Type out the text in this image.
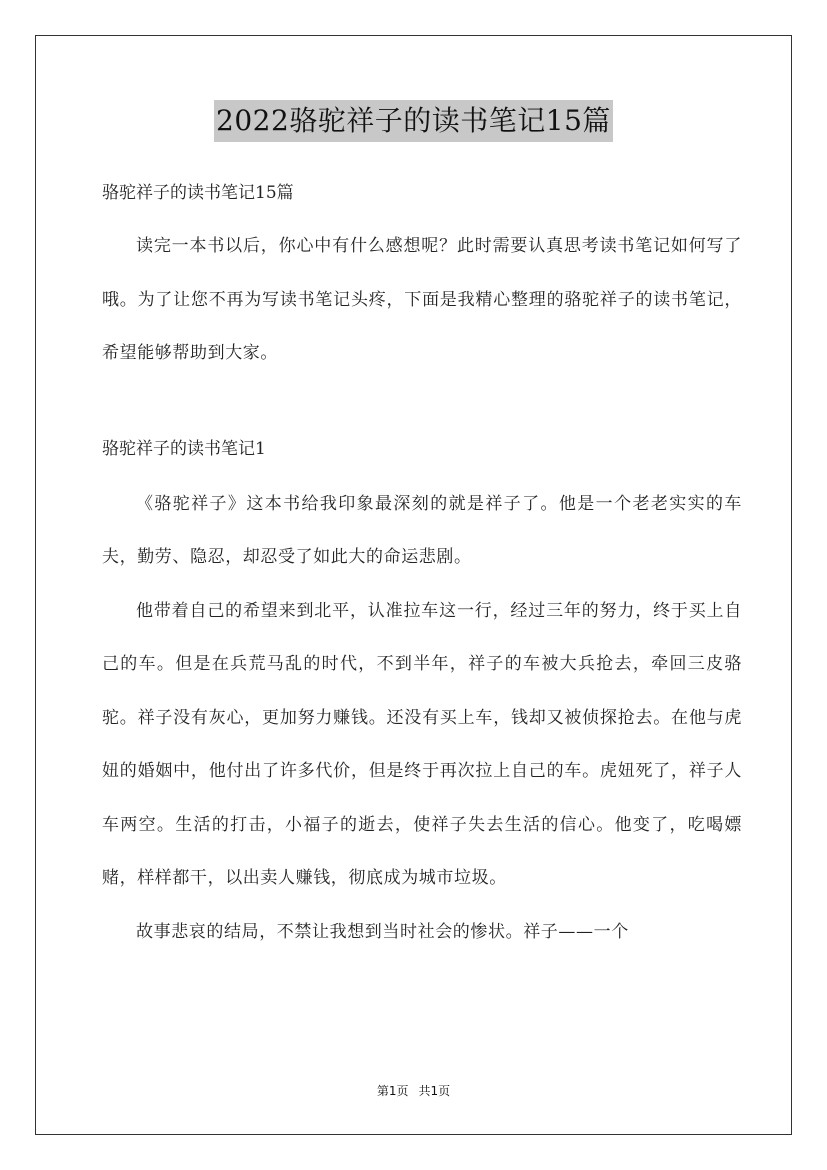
2022骆驼祥子的读书笔记15篇

骆驼祥子的读书笔记15篇

读完一本书以后，你心中有什么感想呢？此时需要认真思考读书笔记如何写了哦。为了让您不再为写读书笔记头疼，下面是我精心整理的骆驼祥子的读书笔记，希望能够帮助到大家。

骆驼祥子的读书笔记1

《骆驼祥子》这本书给我印象最深刻的就是祥子了。他是一个老老实实的车夫，勤劳、隐忍，却忍受了如此大的命运悲剧。

他带着自己的希望来到北平，认准拉车这一行，经过三年的努力，终于买上自己的车。但是在兵荒马乱的时代，不到半年，祥子的车被大兵抢去，牵回三皮骆驼。祥子没有灰心，更加努力赚钱。还没有买上车，钱却又被侦探抢去。在他与虎妞的婚姻中，他付出了许多代价，但是终于再次拉上自己的车。虎妞死了，祥子人车两空。生活的打击，小福子的逝去，使祥子失去生活的信心。他变了，吃喝嫖赌，样样都干，以出卖人赚钱，彻底成为城市垃圾。

故事悲哀的结局，不禁让我想到当时社会的惨状。祥子——一个

第1页 共1页
